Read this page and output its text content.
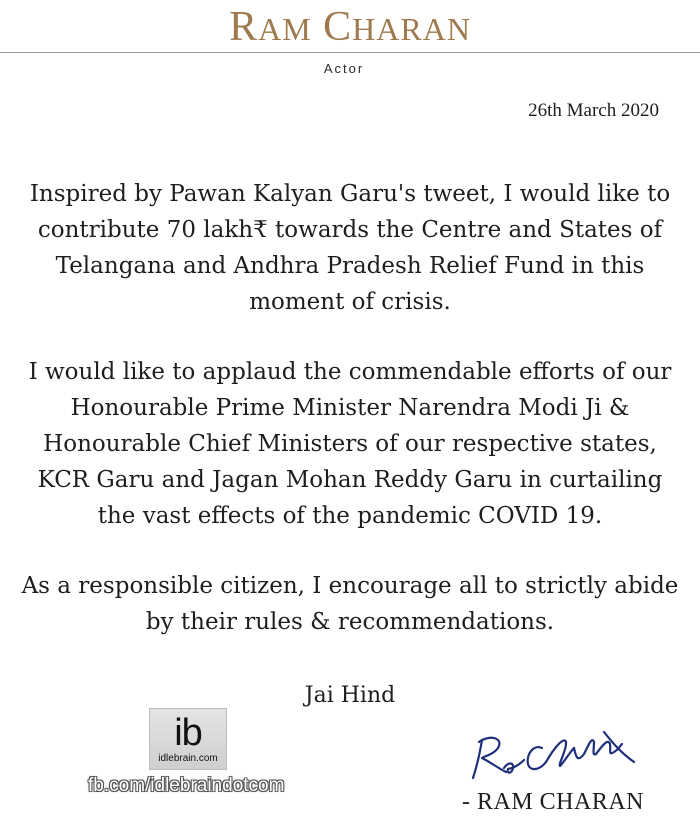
RAM CHARAN
Actor
26th March 2020

Inspired by Pawan Kalyan Garu's tweet, I would like to contribute 70 lakh₹ towards the Centre and States of Telangana and Andhra Pradesh Relief Fund in this moment of crisis.

I would like to applaud the commendable efforts of our Honourable Prime Minister Narendra Modi Ji & Honourable Chief Ministers of our respective states, KCR Garu and Jagan Mohan Reddy Garu in curtailing the vast effects of the pandemic COVID 19.

As a responsible citizen, I encourage all to strictly abide by their rules & recommendations.

Jai Hind
ib
idlebrain.com
fb.com/idlebraindotcom
- RAM CHARAN
